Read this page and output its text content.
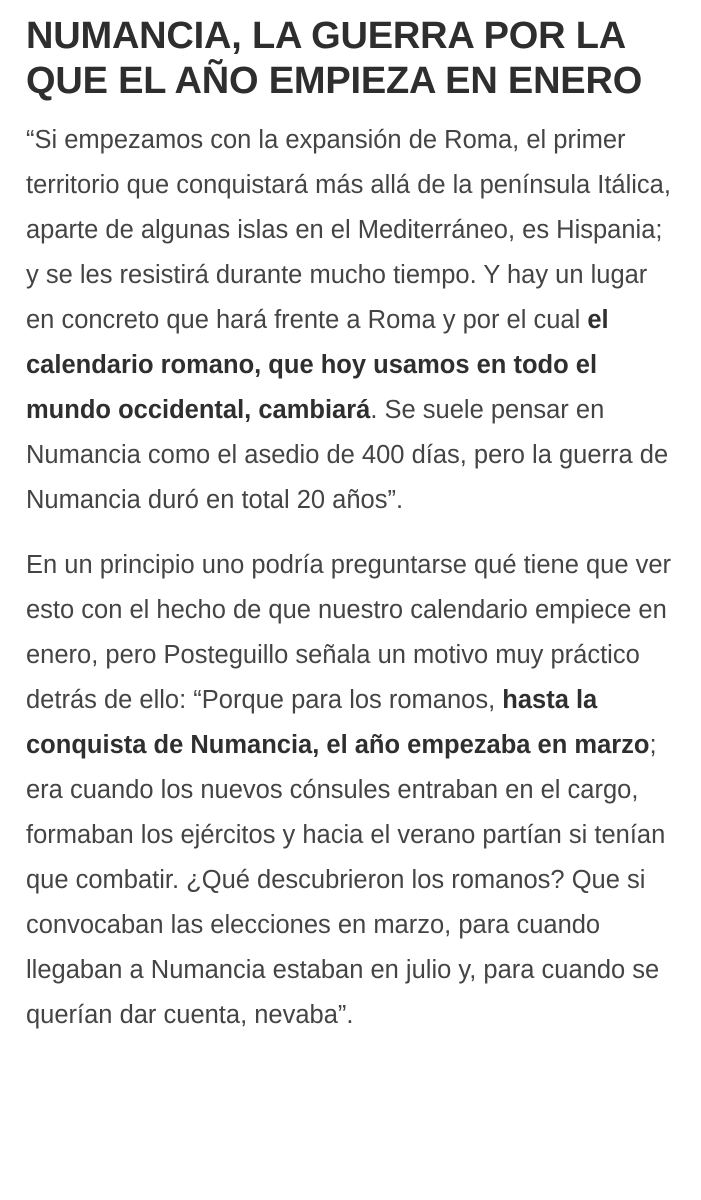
NUMANCIA, LA GUERRA POR LA QUE EL AÑO EMPIEZA EN ENERO

“Si empezamos con la expansión de Roma, el primer territorio que conquistará más allá de la península Itálica, aparte de algunas islas en el Mediterráneo, es Hispania; y se les resistirá durante mucho tiempo. Y hay un lugar en concreto que hará frente a Roma y por el cual el calendario romano, que hoy usamos en todo el mundo occidental, cambiará. Se suele pensar en Numancia como el asedio de 400 días, pero la guerra de Numancia duró en total 20 años”.

En un principio uno podría preguntarse qué tiene que ver esto con el hecho de que nuestro calendario empiece en enero, pero Posteguillo señala un motivo muy práctico detrás de ello: “Porque para los romanos, hasta la conquista de Numancia, el año empezaba en marzo; era cuando los nuevos cónsules entraban en el cargo, formaban los ejércitos y hacia el verano partían si tenían que combatir. ¿Qué descubrieron los romanos? Que si convocaban las elecciones en marzo, para cuando llegaban a Numancia estaban en julio y, para cuando se querían dar cuenta, nevaba”.
